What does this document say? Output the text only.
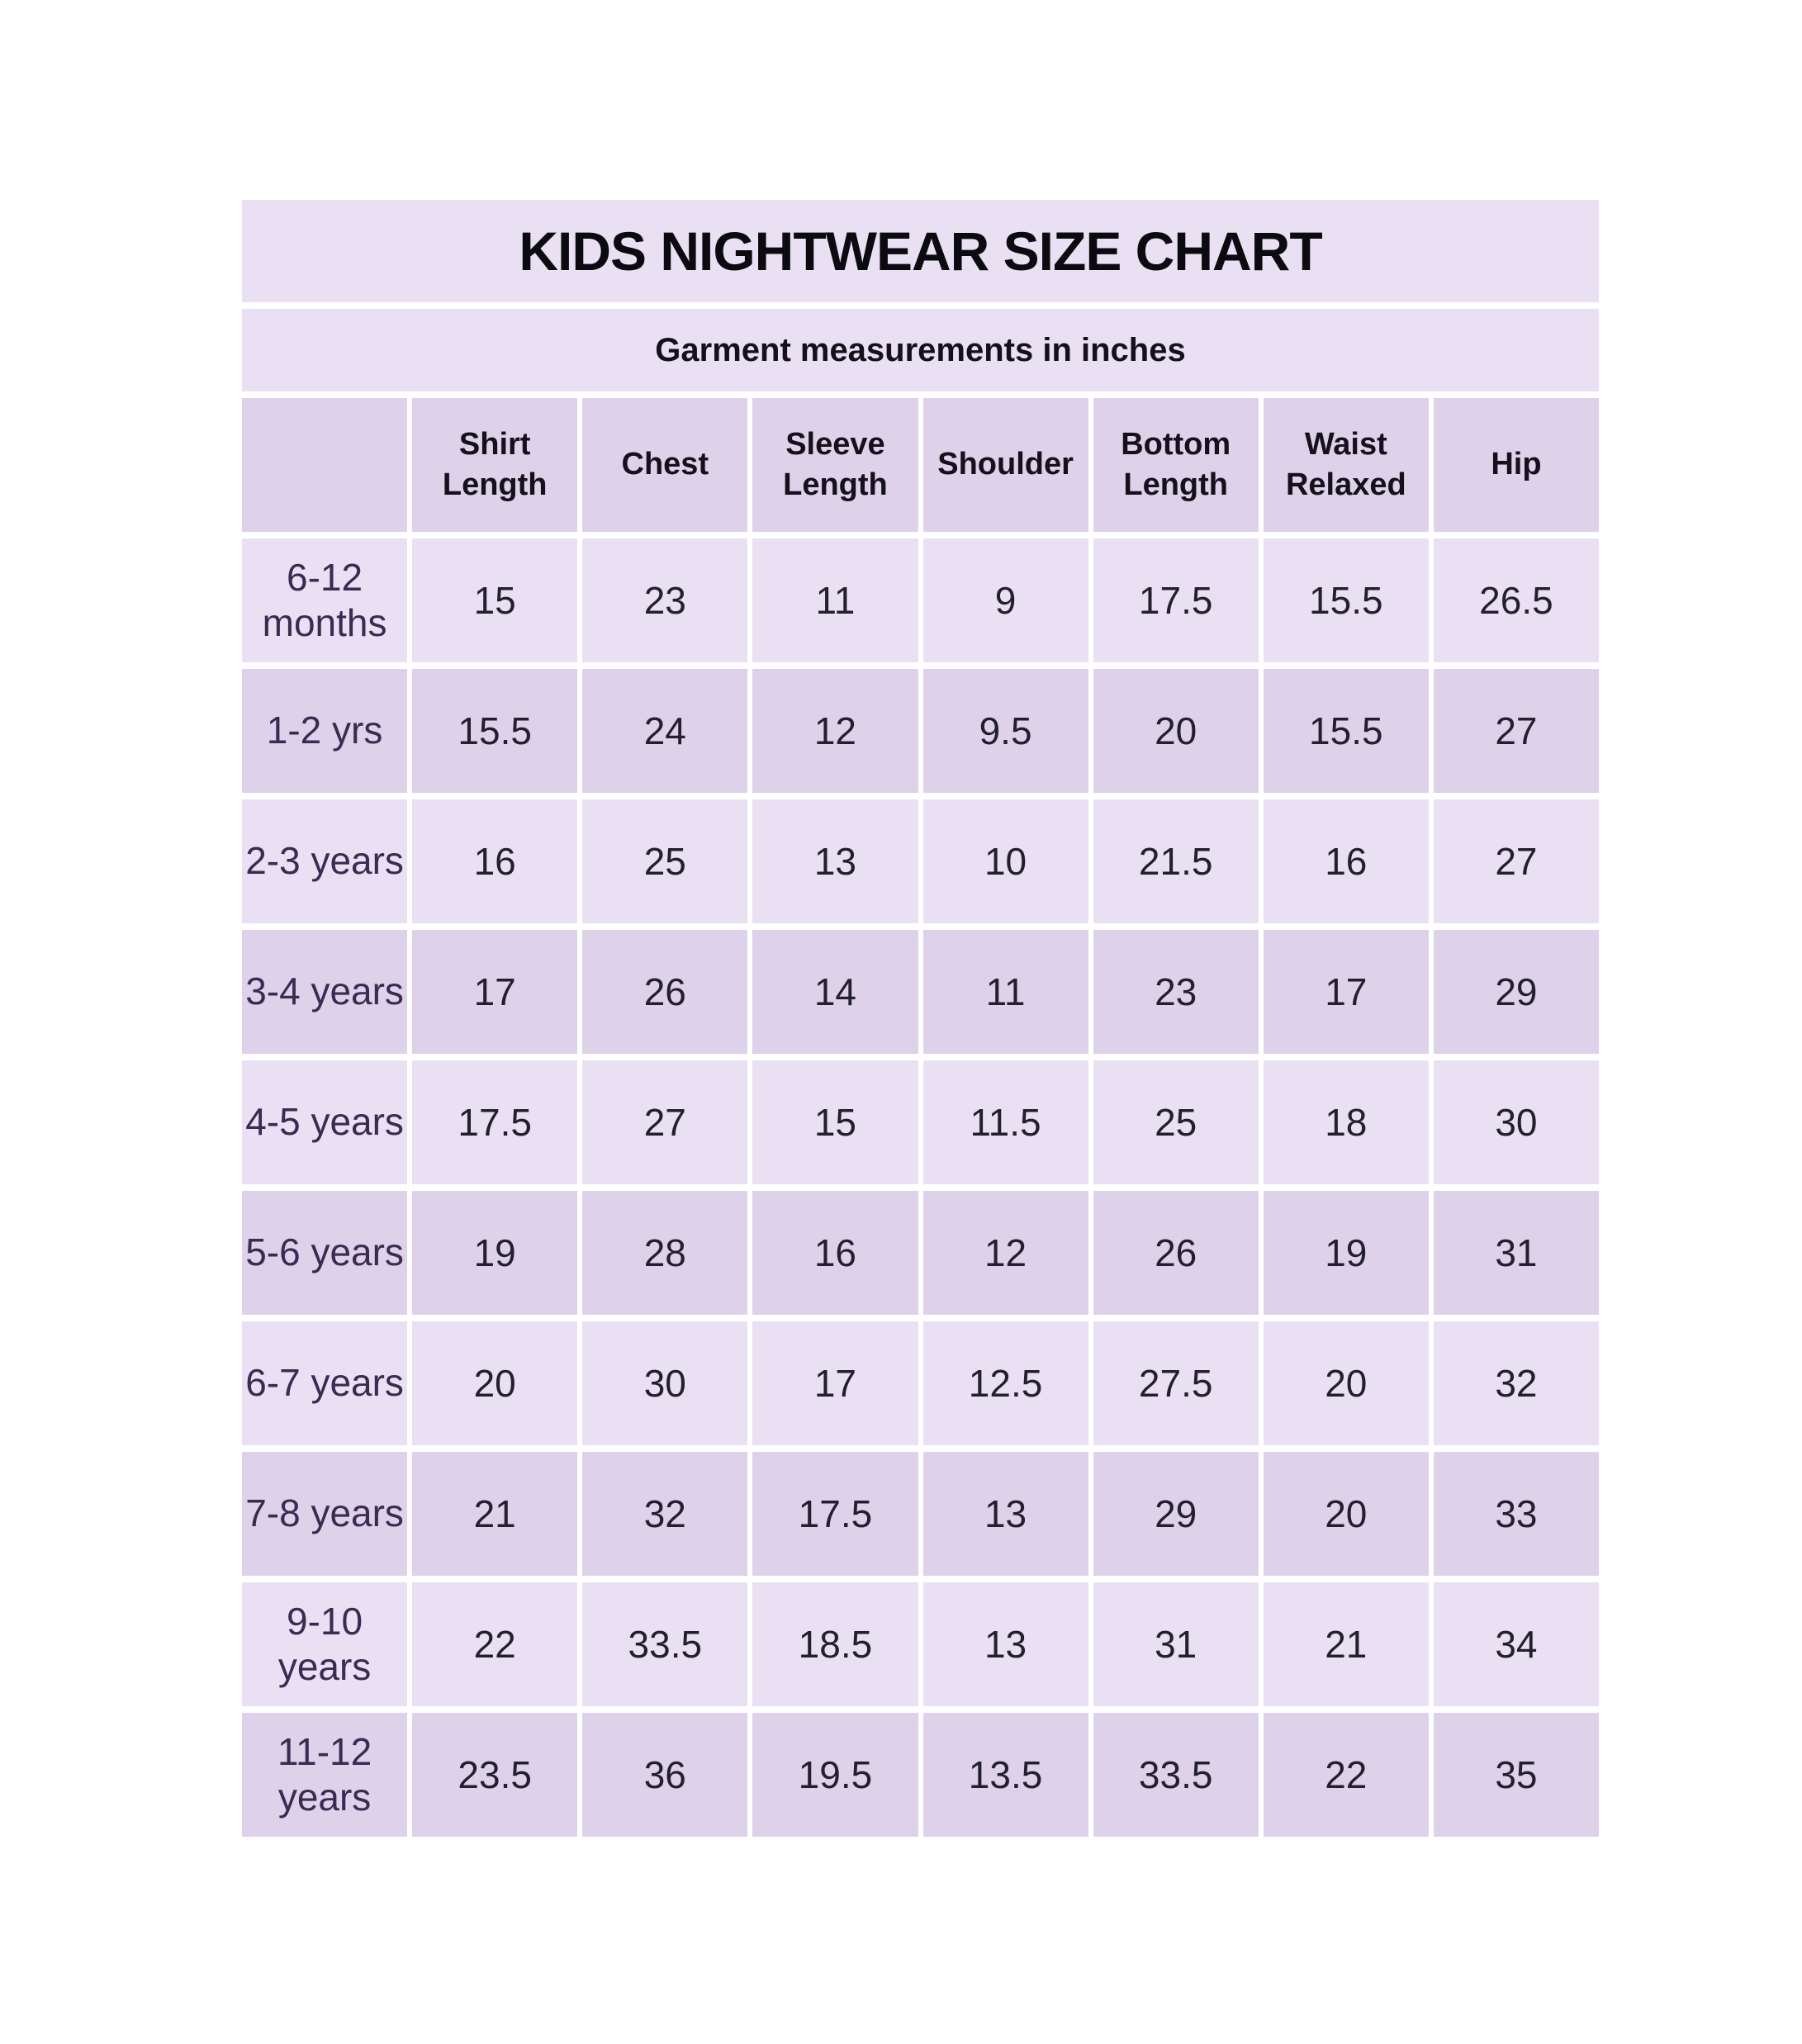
KIDS NIGHTWEAR SIZE CHART							
Garment measurements in inches							
	Shirt Length	Chest	Sleeve Length	Shoulder	Bottom Length	Waist Relaxed	Hip
6-12 months	15	23	11	9	17.5	15.5	26.5
1-2 yrs	15.5	24	12	9.5	20	15.5	27
2-3 years	16	25	13	10	21.5	16	27
3-4 years	17	26	14	11	23	17	29
4-5 years	17.5	27	15	11.5	25	18	30
5-6 years	19	28	16	12	26	19	31
6-7 years	20	30	17	12.5	27.5	20	32
7-8 years	21	32	17.5	13	29	20	33
9-10 years	22	33.5	18.5	13	31	21	34
11-12 years	23.5	36	19.5	13.5	33.5	22	35
